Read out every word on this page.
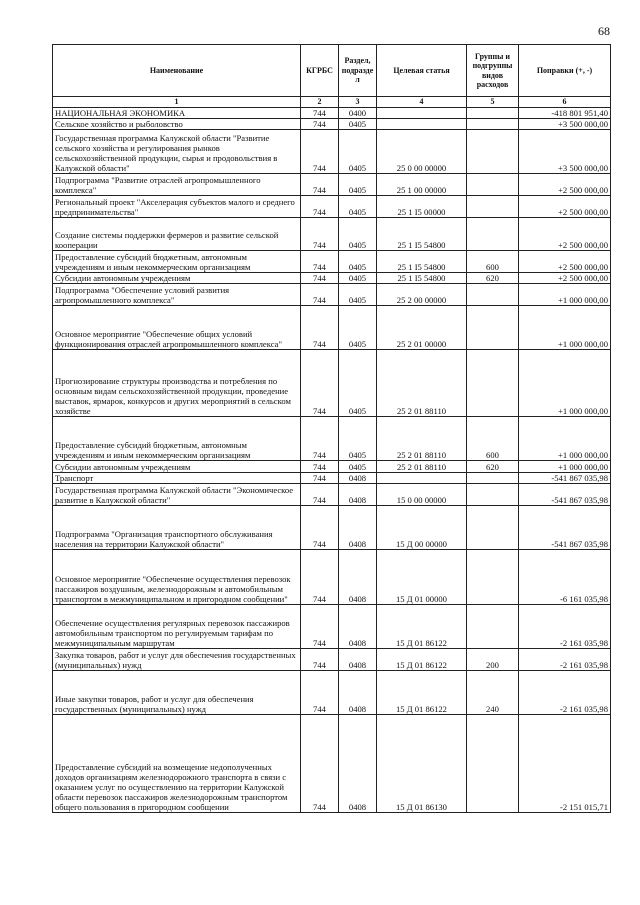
68
Наименование	КГРБС	Раздел, подразде л	Целевая статья	Группы и подгруппы видов расходов	Поправки (+, -)
1	2	3	4	5	6
НАЦИОНАЛЬНАЯ ЭКОНОМИКА	744	0400			-418 801 951,40
Сельское хозяйство и рыболовство	744	0405			+3 500 000,00
Государственная программа Калужской области "Развитие сельского хозяйства и регулирования рынков сельскохозяйственной продукции, сырья и продовольствия в Калужской области"	744	0405	25 0 00 00000		+3 500 000,00
Подпрограмма "Развитие отраслей агропромышленного комплекса"	744	0405	25 1 00 00000		+2 500 000,00
Региональный проект "Акселерация субъектов малого и среднего предпринимательства"	744	0405	25 1 I5 00000		+2 500 000,00
Создание системы поддержки фермеров и развитие сельской кооперации	744	0405	25 1 I5 54800		+2 500 000,00
Предоставление субсидий бюджетным, автономным учреждениям и иным некоммерческим организациям	744	0405	25 1 I5 54800	600	+2 500 000,00
Субсидии автономным учреждениям	744	0405	25 1 I5 54800	620	+2 500 000,00
Подпрограмма "Обеспечение условий развития агропромышленного комплекса"	744	0405	25 2 00 00000		+1 000 000,00
Основное мероприятие "Обеспечение общих условий функционирования отраслей агропромышленного комплекса"	744	0405	25 2 01 00000		+1 000 000,00
Прогнозирование структуры производства и потребления по основным видам сельскохозяйственной продукции, проведение выставок, ярмарок, конкурсов и других мероприятий в сельском хозяйстве	744	0405	25 2 01 88110		+1 000 000,00
Предоставление субсидий бюджетным, автономным учреждениям и иным некоммерческим организациям	744	0405	25 2 01 88110	600	+1 000 000,00
Субсидии автономным учреждениям	744	0405	25 2 01 88110	620	+1 000 000,00
Транспорт	744	0408			-541 867 035,98
Государственная программа Калужской области "Экономическое развитие в Калужской области"	744	0408	15 0 00 00000		-541 867 035,98
Подпрограмма "Организация транспортного обслуживания населения на территории Калужской области"	744	0408	15 Д 00 00000		-541 867 035,98
Основное мероприятие "Обеспечение осуществления перевозок пассажиров воздушным, железнодорожным и автомобильным транспортом в межмуниципальном и пригородном сообщении"	744	0408	15 Д 01 00000		-6 161 035,98
Обеспечение осуществления регулярных перевозок пассажиров автомобильным транспортом по регулируемым тарифам по межмуниципальным маршрутам	744	0408	15 Д 01 86122		-2 161 035,98
Закупка товаров, работ и услуг для обеспечения государственных (муниципальных) нужд	744	0408	15 Д 01 86122	200	-2 161 035,98
Иные закупки товаров, работ и услуг для обеспечения государственных (муниципальных) нужд	744	0408	15 Д 01 86122	240	-2 161 035,98
Предоставление субсидий на возмещение недополученных доходов организациям железнодорожного транспорта в связи с оказанием услуг по осуществлению на территории Калужской области перевозок пассажиров железнодорожным транспортом общего пользования в пригородном сообщении	744	0408	15 Д 01 86130		-2 151 015,71
